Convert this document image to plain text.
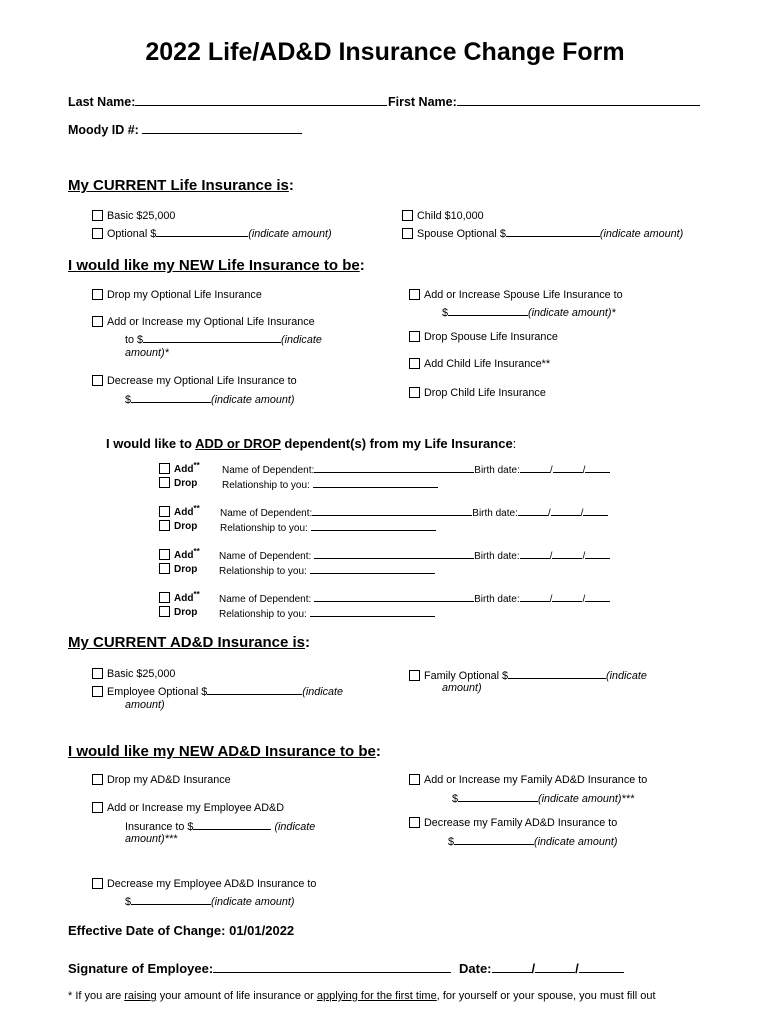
2022 Life/AD&D Insurance Change Form
Last Name:	First Name:
Moody ID #:
My CURRENT Life Insurance is:
Basic $25,000
Optional $	(indicate amount)
Child $10,000
Spouse Optional $	(indicate amount)
I would like my NEW Life Insurance to be:
Drop my Optional Life Insurance
Add or Increase my Optional Life Insurance
to $	(indicate
amount)*
Decrease my Optional Life Insurance to
$	(indicate amount)
Add or Increase Spouse Life Insurance to
$	(indicate amount)*
Drop Spouse Life Insurance
Add Child Life Insurance**
Drop Child Life Insurance
I would like to ADD or DROP dependent(s) from my Life Insurance:
Add**
Drop
Name of Dependent:	Birth date:	/	/
Relationship to you:
Add**
Drop
Name of Dependent:	Birth date:	/	/
Relationship to you:
Add**
Drop
Name of Dependent:	Birth date:	/	/
Relationship to you:
Add**
Drop
Name of Dependent:	Birth date:	/	/
Relationship to you:
My CURRENT AD&D Insurance is:
Basic $25,000
Employee Optional $	(indicate
amount)
Family Optional $	(indicate
amount)
I would like my NEW AD&D Insurance to be:
Drop my AD&D Insurance
Add or Increase my Employee AD&D
Insurance to $	(indicate
amount)***
Decrease my Employee AD&D Insurance to
$	(indicate amount)
Add or Increase my Family AD&D Insurance to
$	(indicate amount)***
Decrease my Family AD&D Insurance to
$	(indicate amount)
Effective Date of Change: 01/01/2022
Signature of Employee:	Date:	/	/
* If you are raising your amount of life insurance or applying for the first time, for yourself or your spouse, you must fill out
